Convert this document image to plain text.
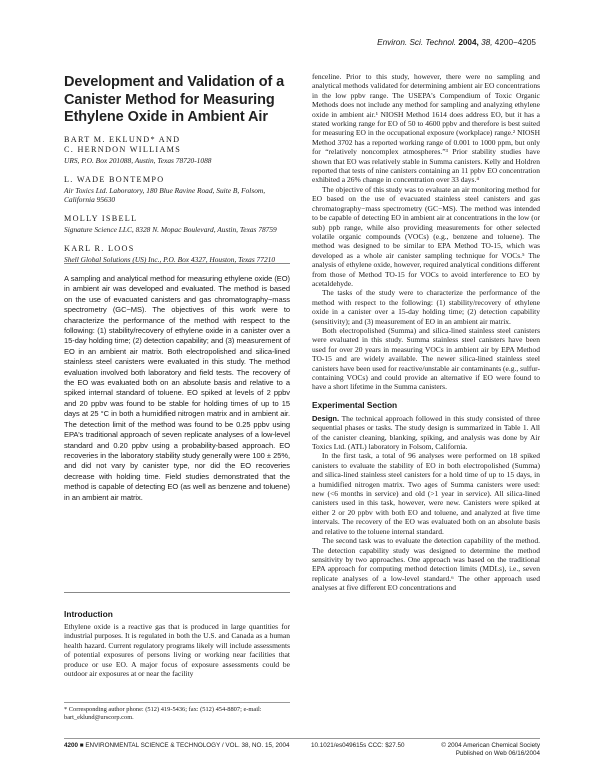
Environ. Sci. Technol. 2004, 38, 4200−4205
Development and Validation of a Canister Method for Measuring Ethylene Oxide in Ambient Air
BART M. EKLUND* AND
C. HERNDON WILLIAMS
URS, P.O. Box 201088, Austin, Texas 78720-1088
L. WADE BONTEMPO
Air Toxics Ltd. Laboratory, 180 Blue Ravine Road, Suite B, Folsom, California 95630
MOLLY ISBELL
Signature Science LLC, 8328 N. Mopac Boulevard, Austin, Texas 78759
KARL R. LOOS
Shell Global Solutions (US) Inc., P.O. Box 4327, Houston, Texas 77210

A sampling and analytical method for measuring ethylene oxide (EO) in ambient air was developed and evaluated. The method is based on the use of evacuated canisters and gas chromatography−mass spectrometry (GC−MS). The objectives of this work were to characterize the performance of the method with respect to the following: (1) stability/recovery of ethylene oxide in a canister over a 15-day holding time; (2) detection capability; and (3) measurement of EO in an ambient air matrix. Both electropolished and silica-lined stainless steel canisters were evaluated in this study. The method evaluation involved both laboratory and field tests. The recovery of the EO was evaluated both on an absolute basis and relative to a spiked internal standard of toluene. EO spiked at levels of 2 ppbv and 20 ppbv was found to be stable for holding times of up to 15 days at 25 °C in both a humidified nitrogen matrix and in ambient air. The detection limit of the method was found to be 0.25 ppbv using EPA's traditional approach of seven replicate analyses of a low-level standard and 0.20 ppbv using a probability-based approach. EO recoveries in the laboratory stability study generally were 100 ± 25%, and did not vary by canister type, nor did the EO recoveries decrease with holding time. Field studies demonstrated that the method is capable of detecting EO (as well as benzene and toluene) in an ambient air matrix.

Introduction

Ethylene oxide is a reactive gas that is produced in large quantities for industrial purposes. It is regulated in both the U.S. and Canada as a human health hazard. Current regulatory programs likely will include assessments of potential exposures of persons living or working near facilities that produce or use EO. A major focus of exposure assessments could be outdoor air exposures at or near the facility

* Corresponding author phone: (512) 419-5436; fax: (512) 454-8807; e-mail: bart_eklund@urscorp.com.

fenceline. Prior to this study, however, there were no sampling and analytical methods validated for determining ambient air EO concentrations in the low ppbv range. The USEPA's Compendium of Toxic Organic Methods does not include any method for sampling and analyzing ethylene oxide in ambient air.¹ NIOSH Method 1614 does address EO, but it has a stated working range for EO of 50 to 4600 ppbv and therefore is best suited for measuring EO in the occupational exposure (workplace) range.² NIOSH Method 3702 has a reported working range of 0.001 to 1000 ppm, but only for “relatively noncomplex atmospheres.”³ Prior stability studies have shown that EO was relatively stable in Summa canisters. Kelly and Holdren reported that tests of nine canisters containing an 11 ppbv EO concentration exhibited a 26% change in concentration over 33 days.⁴

The objective of this study was to evaluate an air monitoring method for EO based on the use of evacuated stainless steel canisters and gas chromatography−mass spectrometry (GC−MS). The method was intended to be capable of detecting EO in ambient air at concentrations in the low (or sub) ppb range, while also providing measurements for other selected volatile organic compounds (VOCs) (e.g., benzene and toluene). The method was designed to be similar to EPA Method TO-15, which was developed as a whole air canister sampling technique for VOCs.⁵ The analysis of ethylene oxide, however, required analytical conditions different from those of Method TO-15 for VOCs to avoid interference to EO by acetaldehyde.

The tasks of the study were to characterize the performance of the method with respect to the following: (1) stability/recovery of ethylene oxide in a canister over a 15-day holding time; (2) detection capability (sensitivity); and (3) measurement of EO in an ambient air matrix.

Both electropolished (Summa) and silica-lined stainless steel canisters were evaluated in this study. Summa stainless steel canisters have been used for over 20 years in measuring VOCs in ambient air by EPA Method TO-15 and are widely available. The newer silica-lined stainless steel canisters have been used for reactive/unstable air contaminants (e.g., sulfur-containing VOCs) and could provide an alternative if EO were found to have a short lifetime in the Summa canisters.

Experimental Section

Design. The technical approach followed in this study consisted of three sequential phases or tasks. The study design is summarized in Table 1. All of the canister cleaning, blanking, spiking, and analysis was done by Air Toxics Ltd. (ATL) laboratory in Folsom, California.

In the first task, a total of 96 analyses were performed on 18 spiked canisters to evaluate the stability of EO in both electropolished (Summa) and silica-lined stainless steel canisters for a hold time of up to 15 days, in a humidified nitrogen matrix. Two ages of Summa canisters were used: new (<6 months in service) and old (>1 year in service). All silica-lined canisters used in this task, however, were new. Canisters were spiked at either 2 or 20 ppbv with both EO and toluene, and analyzed at five time intervals. The recovery of the EO was evaluated both on an absolute basis and relative to the toluene internal standard.

The second task was to evaluate the detection capability of the method. The detection capability study was designed to determine the method sensitivity by two approaches. One approach was based on the traditional EPA approach for computing method detection limits (MDLs), i.e., seven replicate analyses of a low-level standard.⁶ The other approach used analyses at five different EO concentrations and

4200 ■ ENVIRONMENTAL SCIENCE & TECHNOLOGY / VOL. 38, NO. 15, 2004	10.1021/es049615s CCC: $27.50	© 2004 American Chemical Society
Published on Web 06/16/2004
